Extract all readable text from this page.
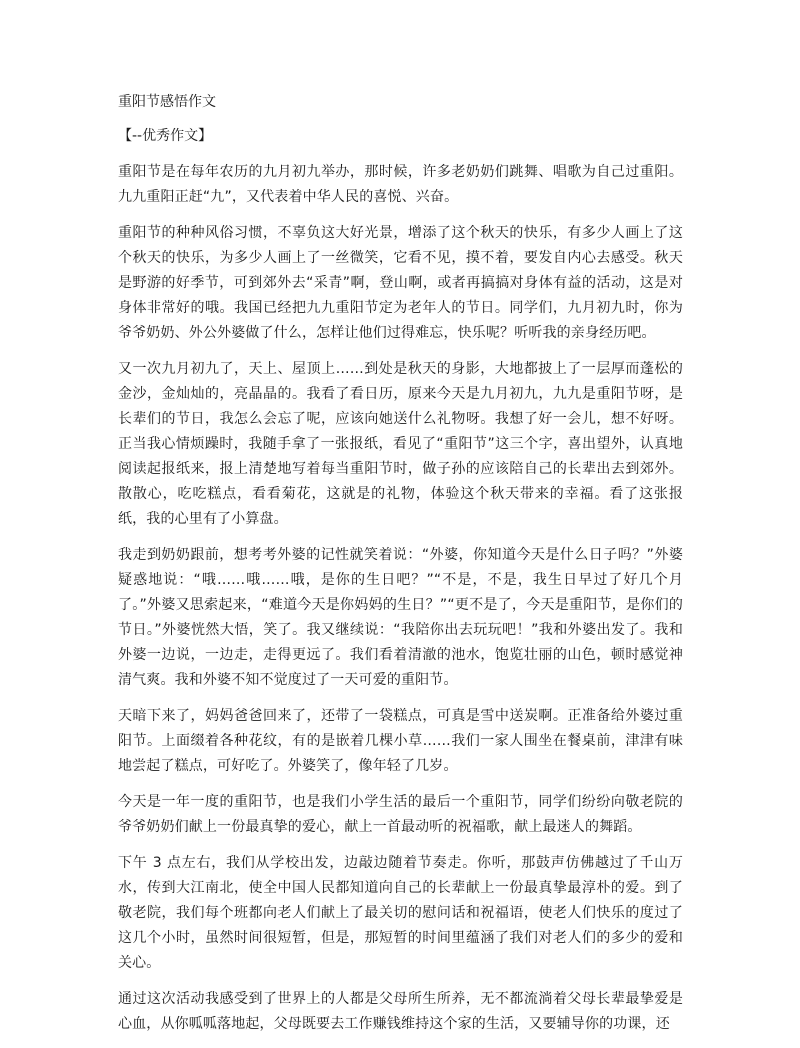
重阳节感悟作文
【--优秀作文】

重阳节是在每年农历的九月初九举办，那时候，许多老奶奶们跳舞、唱歌为自己过重阳。九九重阳正赶“九”，又代表着中华人民的喜悦、兴奋。

重阳节的种种风俗习惯，不辜负这大好光景，增添了这个秋天的快乐，有多少人画上了这个秋天的快乐，为多少人画上了一丝微笑，它看不见，摸不着，要发自内心去感受。秋天是野游的好季节，可到郊外去“采青”啊，登山啊，或者再搞搞对身体有益的活动，这是对身体非常好的哦。我国已经把九九重阳节定为老年人的节日。同学们，九月初九时，你为爷爷奶奶、外公外婆做了什么，怎样让他们过得难忘，快乐呢？听听我的亲身经历吧。

又一次九月初九了，天上、屋顶上……到处是秋天的身影，大地都披上了一层厚而蓬松的金沙，金灿灿的，亮晶晶的。我看了看日历，原来今天是九月初九，九九是重阳节呀，是长辈们的节日，我怎么会忘了呢，应该向她送什么礼物呀。我想了好一会儿，想不好呀。正当我心情烦躁时，我随手拿了一张报纸，看见了“重阳节”这三个字，喜出望外，认真地阅读起报纸来，报上清楚地写着每当重阳节时，做子孙的应该陪自己的长辈出去到郊外。散散心，吃吃糕点，看看菊花，这就是的礼物，体验这个秋天带来的幸福。看了这张报纸，我的心里有了小算盘。

我走到奶奶跟前，想考考外婆的记性就笑着说：“外婆，你知道今天是什么日子吗？”外婆疑惑地说：“哦……哦……哦，是你的生日吧？”“不是，不是，我生日早过了好几个月了。”外婆又思索起来，“难道今天是你妈妈的生日？”“更不是了，今天是重阳节，是你们的节日。”外婆恍然大悟，笑了。我又继续说：“我陪你出去玩玩吧！”我和外婆出发了。我和外婆一边说，一边走，走得更远了。我们看着清澈的池水，饱览壮丽的山色，顿时感觉神清气爽。我和外婆不知不觉度过了一天可爱的重阳节。

天暗下来了，妈妈爸爸回来了，还带了一袋糕点，可真是雪中送炭啊。正准备给外婆过重阳节。上面缀着各种花纹，有的是嵌着几棵小草……我们一家人围坐在餐桌前，津津有味地尝起了糕点，可好吃了。外婆笑了，像年轻了几岁。

今天是一年一度的重阳节，也是我们小学生活的最后一个重阳节，同学们纷纷向敬老院的爷爷奶奶们献上一份最真挚的爱心，献上一首最动听的祝福歌，献上最迷人的舞蹈。

下午 3 点左右，我们从学校出发，边敲边随着节奏走。你听，那鼓声仿佛越过了千山万水，传到大江南北，使全中国人民都知道向自己的长辈献上一份最真挚最淳朴的爱。到了敬老院，我们每个班都向老人们献上了最关切的慰问话和祝福语，使老人们快乐的度过了这几个小时，虽然时间很短暂，但是，那短暂的时间里蕴涵了我们对老人们的多少的爱和关心。

通过这次活动我感受到了世界上的人都是父母所生所养，无不都流淌着父母长辈最挚爱是心血，从你呱呱落地起，父母既要去工作赚钱维持这个家的生活，又要辅导你的功课，还
